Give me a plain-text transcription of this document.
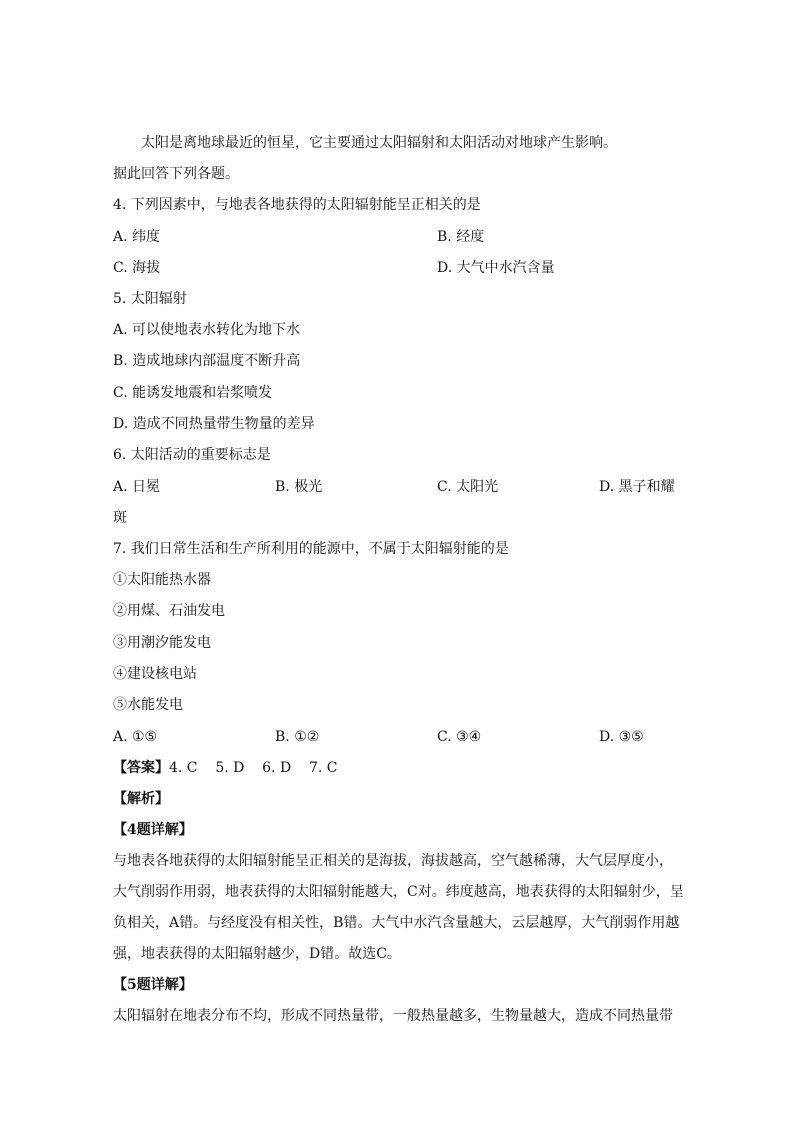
太阳是离地球最近的恒星，它主要通过太阳辐射和太阳活动对地球产生影响。
据此回答下列各题。
4. 下列因素中，与地表各地获得的太阳辐射能呈正相关的是
A. 纬度	B. 经度
C. 海拔	D. 大气中水汽含量
5. 太阳辐射
A. 可以使地表水转化为地下水
B. 造成地球内部温度不断升高
C. 能诱发地震和岩浆喷发
D. 造成不同热量带生物量的差异
6. 太阳活动的重要标志是
A. 日冕	B. 极光	C. 太阳光	D. 黑子和耀
斑
7. 我们日常生活和生产所利用的能源中，不属于太阳辐射能的是
①太阳能热水器
②用煤、石油发电
③用潮汐能发电
④建设核电站
⑤水能发电
A. ①⑤	B. ①②	C. ③④	D. ③⑤
【答案】4. C    5. D    6. D    7. C
【解析】
【4题详解】
与地表各地获得的太阳辐射能呈正相关的是海拔，海拔越高，空气越稀薄，大气层厚度小，
大气削弱作用弱，地表获得的太阳辐射能越大，C对。纬度越高，地表获得的太阳辐射少，呈
负相关，A错。与经度没有相关性，B错。大气中水汽含量越大，云层越厚，大气削弱作用越
强，地表获得的太阳辐射越少，D错。故选C。
【5题详解】
太阳辐射在地表分布不均，形成不同热量带，一般热量越多，生物量越大，造成不同热量带
